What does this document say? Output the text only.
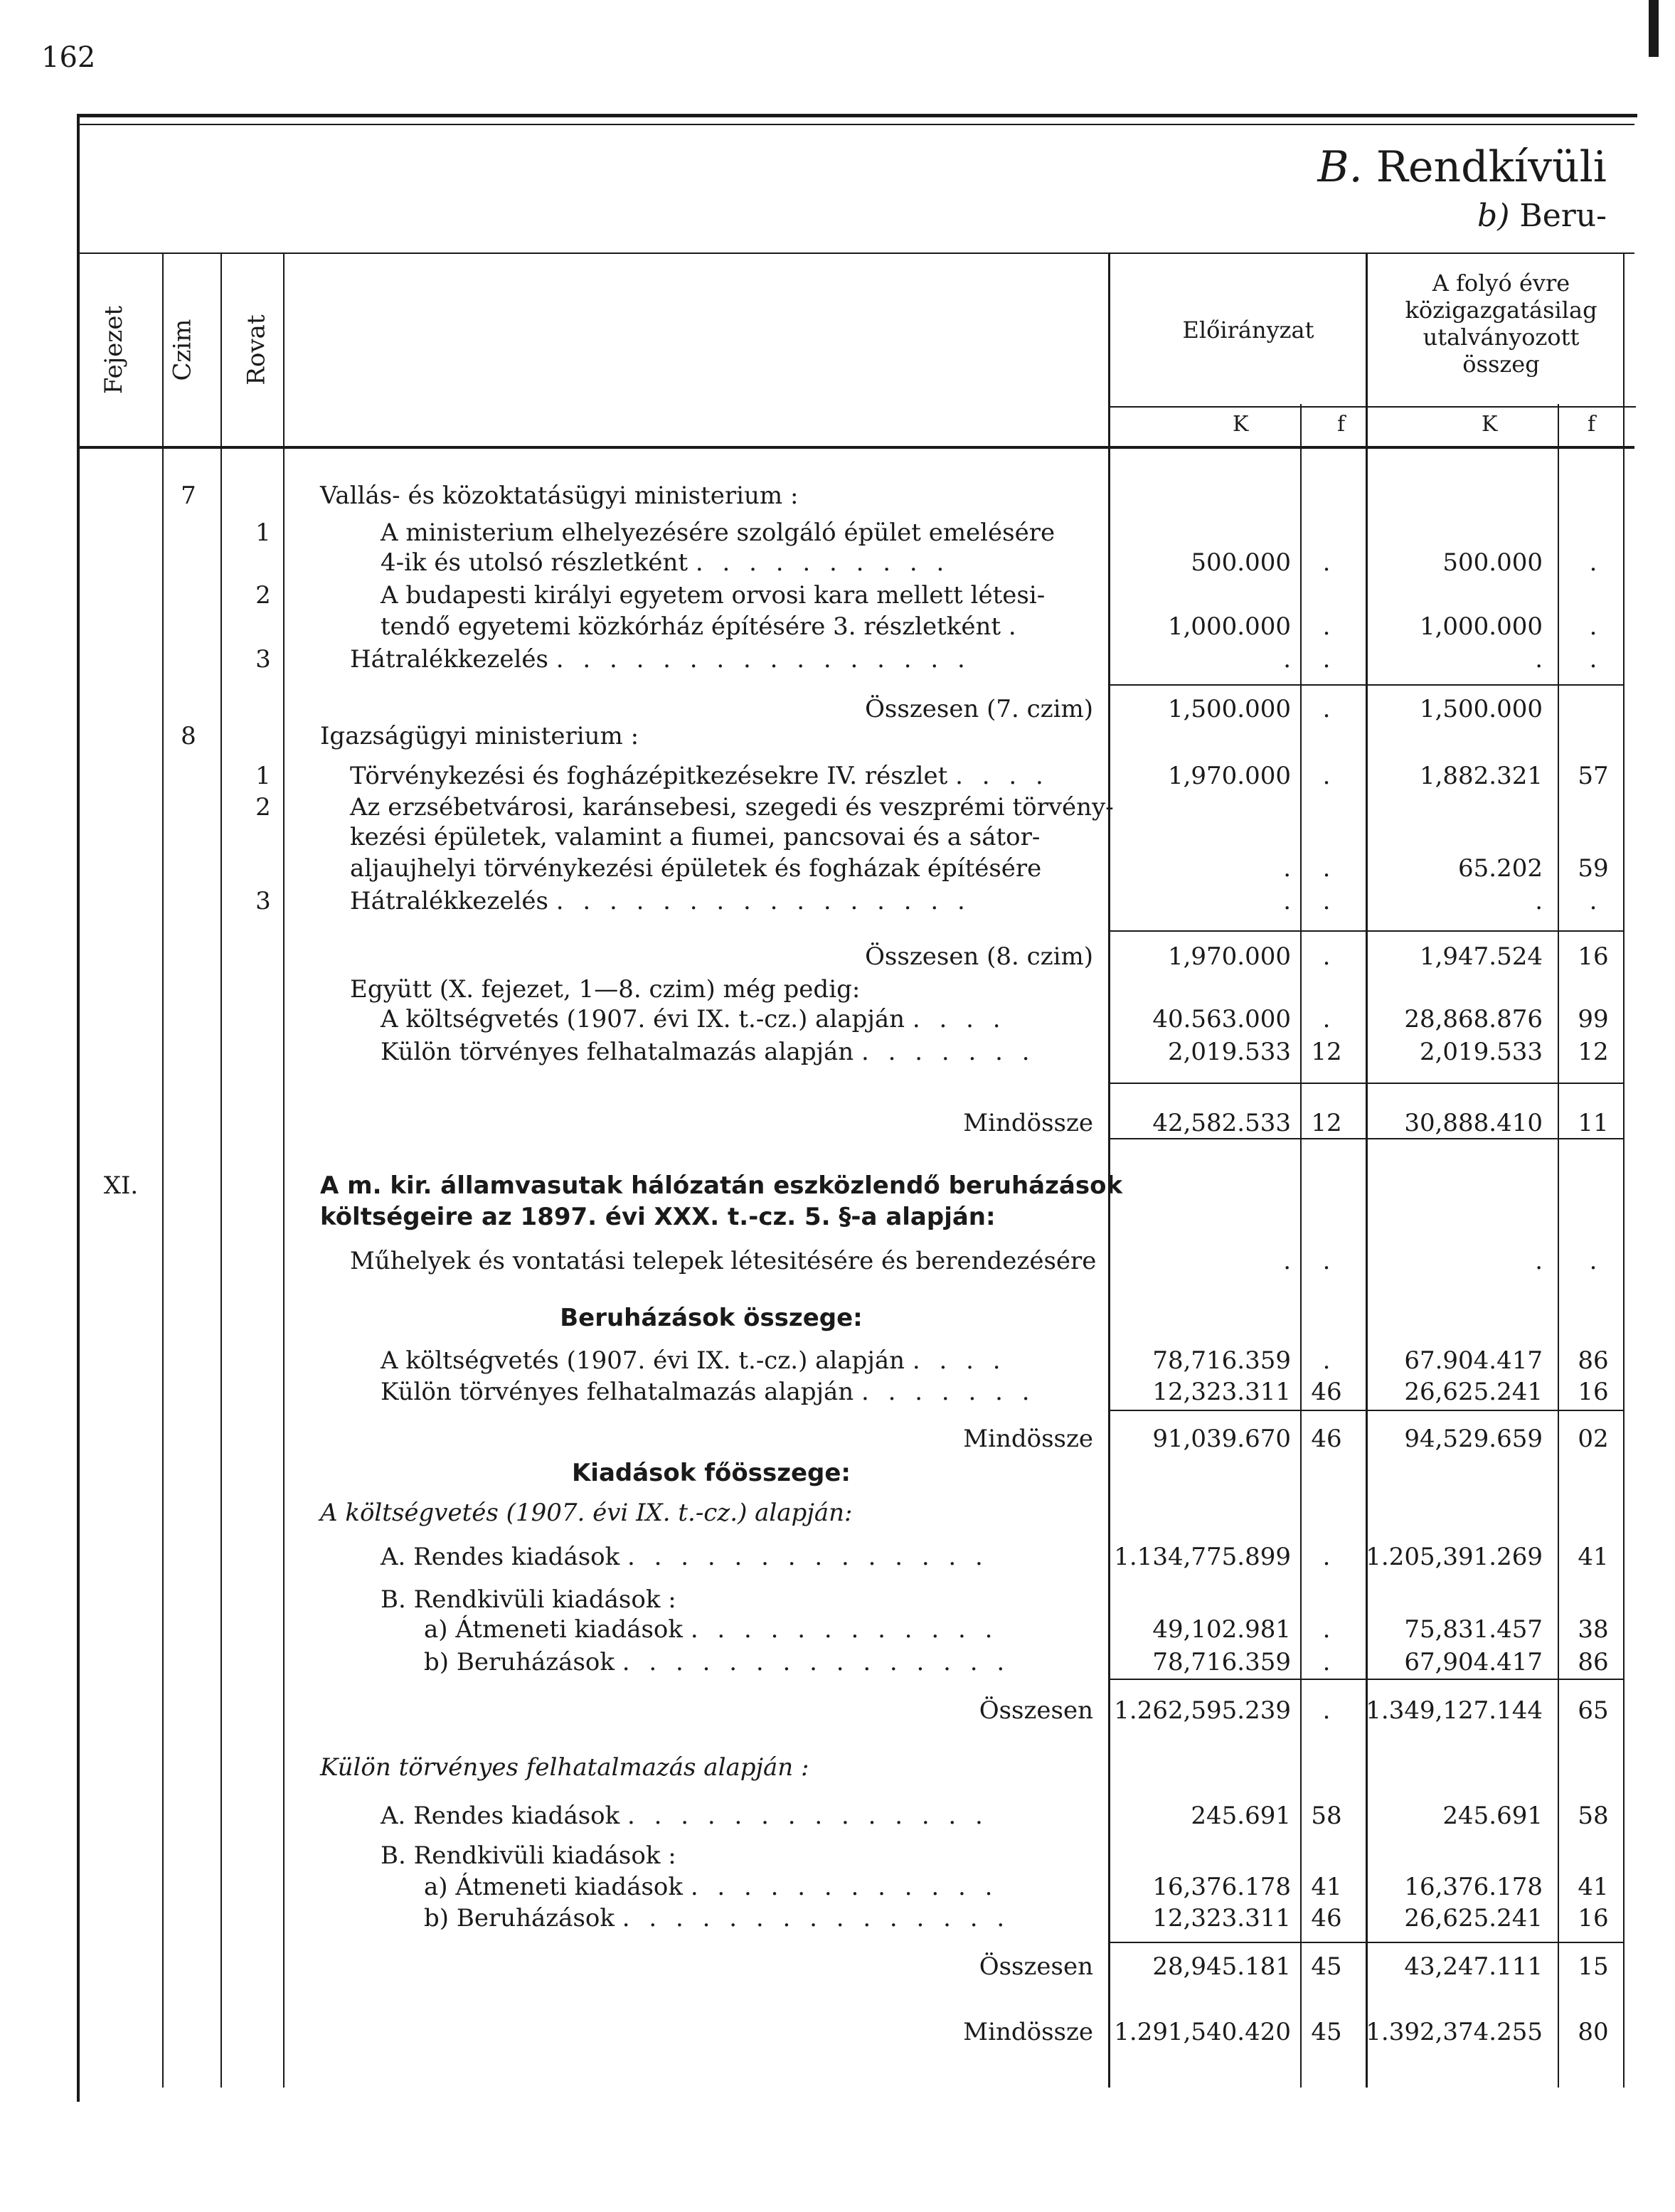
162
B. Rendkívüli
b) Beru-
Fejezet Czim Rovat	Előirányzat
A folyó évre
közigazgatásilag
utalványozott
összeg
K	f	K	f
7	Vallás- és közoktatásügyi ministerium :
1	A ministerium elhelyezésére szolgáló épület emelésére
4-ik és utolsó részletként . . . . . . . . . .	500.000	.	500.000	.
2	A budapesti királyi egyetem orvosi kara mellett létesi-
tendő egyetemi közkórház építésére 3. részletként .	1,000.000	.	1,000.000	.
3	Hátralékkezelés . . . . . . . . . . . . . . . .	.	.	.	.
Összesen (7. czim)	1,500.000	.	1,500.000
8	Igazságügyi ministerium :
1	Törvénykezési és fogházépitkezésekre IV. részlet . . . .	1,970.000	.	1,882.321	57
2	Az erzsébetvárosi, karánsebesi, szegedi és veszprémi törvény-
kezési épületek, valamint a fiumei, pancsovai és a sátor-
aljaujhelyi törvénykezési épületek és fogházak építésére	.	.	65.202	59
3	Hátralékkezelés . . . . . . . . . . . . . . . .	.	.	.	.
Összesen (8. czim)	1,970.000	.	1,947.524	16
Együtt (X. fejezet, 1—8. czim) még pedig:
A költségvetés (1907. évi IX. t.-cz.) alapján . . . .	40.563.000	.	28,868.876	99
Külön törvényes felhatalmazás alapján . . . . . . .	2,019.533 12	2,019.533	12
Mindössze 42,582.533 12	30,888.410	11
XI.	A m. kir. államvasutak hálózatán eszközlendő beruházások
költségeire az 1897. évi XXX. t.-cz. 5. §-a alapján:
Műhelyek és vontatási telepek létesitésére és berendezésére	.	.	.	.
Beruházások összege:
A költségvetés (1907. évi IX. t.-cz.) alapján . . . .	78,716.359	.	67.904.417	86
Külön törvényes felhatalmazás alapján . . . . . . .	12,323.311 46	26,625.241	16
Mindössze 91,039.670 46	94,529.659	02
Kiadások főösszege:
A költségvetés (1907. évi IX. t.-cz.) alapján:
A. Rendes kiadások . . . . . . . . . . . . . .	1.134,775.899	.	1.205,391.269	41
B. Rendkivüli kiadások :
a) Átmeneti kiadások . . . . . . . . . . . .	49,102.981	.	75,831.457	38
b) Beruházások . . . . . . . . . . . . . . .	78,716.359	.	67,904.417	86
Összesen 1.262,595.239	.	1.349,127.144	65
Külön törvényes felhatalmazás alapján :
A. Rendes kiadások . . . . . . . . . . . . . .	245.691 58	245.691	58
B. Rendkivüli kiadások :
a) Átmeneti kiadások . . . . . . . . . . . .	16,376.178 41	16,376.178	41
b) Beruházások . . . . . . . . . . . . . . .	12,323.311 46	26,625.241	16
Összesen 28,945.181 45	43,247.111	15
Mindössze 1.291,540.420 45 1.392,374.255	80
